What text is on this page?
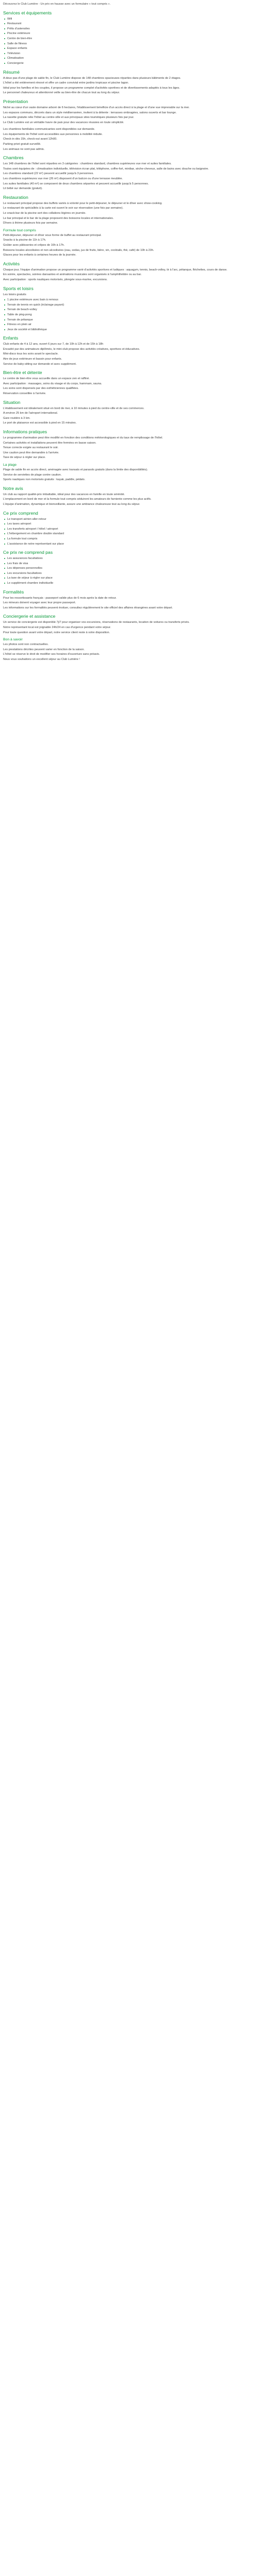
Découvrez le Club Lumière - Un prix en hausse avec un formulaire « tout compris ».

Services et équipements
Wifi
Restaurant
Prêts d'ustensiles
Piscine extérieure
Centre de bien-être
Salle de fitness
Espace enfants
Télévision
Climatisation
Conciergerie
Résumé

A deux pas d'une plage de sable fin, le Club Lumière dispose de 148 chambres spacieuses réparties dans plusieurs bâtiments de 2 étages.

L'hôtel a été entièrement rénové et offre un cadre convivial entre jardins tropicaux et piscine lagon.

Idéal pour les familles et les couples, il propose un programme complet d'activités sportives et de divertissements adaptés à tous les âges.

Le personnel chaleureux et attentionné veille au bien-être de chacun tout au long du séjour.

Présentation

Niché au cœur d'un vaste domaine arboré de 6 hectares, l'établissement bénéficie d'un accès direct à la plage et d'une vue imprenable sur la mer.

Les espaces communs, décorés dans un style méditerranéen, invitent à la détente : terrasses ombragées, salons ouverts et bar lounge.

La navette gratuite relie l'hôtel au centre-ville et aux principaux sites touristiques plusieurs fois par jour.

Le Club Lumière est un véritable havre de paix pour des vacances réussies en toute simplicité.

Les chambres familiales communicantes sont disponibles sur demande.

Les équipements de l'hôtel sont accessibles aux personnes à mobilité réduite.

Check-in dès 15h, check-out avant 12h00.

Parking privé gratuit surveillé.

Les animaux ne sont pas admis.

Chambres

Les 148 chambres de l'hôtel sont réparties en 3 catégories : chambres standard, chambres supérieures vue mer et suites familiales.

Toutes sont équipées de : climatisation individuelle, télévision écran plat, téléphone, coffre-fort, minibar, sèche-cheveux, salle de bains avec douche ou baignoire.

Les chambres standard (22 m²) peuvent accueillir jusqu'à 3 personnes.

Les chambres supérieures vue mer (26 m²) disposent d'un balcon ou d'une terrasse meublée.

Les suites familiales (40 m²) se composent de deux chambres séparées et peuvent accueillir jusqu'à 5 personnes.

Lit bébé sur demande (gratuit).

Restauration

Le restaurant principal propose des buffets variés à volonté pour le petit-déjeuner, le déjeuner et le dîner avec show-cooking.

Le restaurant de spécialités à la carte est ouvert le soir sur réservation (une fois par semaine).

Le snack-bar de la piscine sert des collations légères en journée.

Le bar principal et le bar de la plage proposent des boissons locales et internationales.

Dîners à thème plusieurs fois par semaine.

Formule tout compris

Petit-déjeuner, déjeuner et dîner sous forme de buffet au restaurant principal.

Snacks à la piscine de 11h à 17h.

Goûter avec pâtisseries et crêpes de 16h à 17h.

Boissons locales alcoolisées et non alcoolisées (eau, sodas, jus de fruits, bière, vin, cocktails, thé, café) de 10h à 23h.

Glaces pour les enfants à certaines heures de la journée.

Activités

Chaque jour, l'équipe d'animation propose un programme varié d'activités sportives et ludiques : aquagym, tennis, beach-volley, tir à l'arc, pétanque, fléchettes, cours de danse.

En soirée, spectacles, soirées dansantes et animations musicales sont organisés à l'amphithéâtre ou au bar.

Avec participation : sports nautiques motorisés, plongée sous-marine, excursions.

Sports et loisirs

Les loisirs gratuits

1 piscine extérieure avec bain à remous
Terrain de tennis en quick (éclairage payant)
Terrain de beach-volley
Table de ping-pong
Terrain de pétanque
Fitness en plein air
Jeux de société et bibliothèque
Enfants

Club enfants de 4 à 12 ans, ouvert 6 jours sur 7, de 10h à 12h et de 15h à 18h

Encadré par des animateurs diplômés, le mini-club propose des activités créatives, sportives et éducatives.

Mini-disco tous les soirs avant le spectacle.

Aire de jeux extérieure et bassin pour enfants.

Service de baby-sitting sur demande et avec supplément.

Bien-être et détente

Le centre de bien-être vous accueille dans un espace zen et raffiné.

Avec participation : massages, soins du visage et du corps, hammam, sauna.

Les soins sont dispensés par des esthéticiennes qualifiées.

Réservation conseillée à l'arrivée.

Situation

L'établissement est idéalement situé en bord de mer, à 10 minutes à pied du centre-ville et de ses commerces.

A environ 25 km de l'aéroport international.

Gare routière à 3 km.

Le port de plaisance est accessible à pied en 15 minutes.

Informations pratiques

Le programme d'animation peut être modifié en fonction des conditions météorologiques et du taux de remplissage de l'hôtel.

Certaines activités et installations peuvent être fermées en basse saison.

Tenue correcte exigée au restaurant le soir.

Une caution peut être demandée à l'arrivée.

Taxe de séjour à régler sur place.

La plage

Plage de sable fin en accès direct, aménagée avec transats et parasols gratuits (dans la limite des disponibilités).

Service de serviettes de plage contre caution.

Sports nautiques non motorisés gratuits : kayak, paddle, pédalo.

Notre avis

Un club au rapport qualité-prix imbattable, idéal pour des vacances en famille en toute sérénité.

L'emplacement en bord de mer et la formule tout compris séduiront les amateurs de farniente comme les plus actifs.

L'équipe d'animation, dynamique et bienveillante, assure une ambiance chaleureuse tout au long du séjour.

Ce prix comprend
Le transport aérien aller-retour
Les taxes aéroport
Les transferts aéroport / hôtel / aéroport
L'hébergement en chambre double standard
La formule tout compris
L'assistance de notre représentant sur place
Ce prix ne comprend pas
Les assurances facultatives
Les frais de visa
Les dépenses personnelles
Les excursions facultatives
La taxe de séjour à régler sur place
Le supplément chambre individuelle
Formalités

Pour les ressortissants français : passeport valide plus de 6 mois après la date de retour.

Les mineurs doivent voyager avec leur propre passeport.

Les informations sur les formalités peuvent évoluer, consultez régulièrement le site officiel des affaires étrangères avant votre départ.

Conciergerie et assistance

Un service de conciergerie est disponible 7j/7 pour organiser vos excursions, réservations de restaurants, location de voitures ou transferts privés.

Notre représentant local est joignable 24h/24 en cas d'urgence pendant votre séjour.

Pour toute question avant votre départ, notre service client reste à votre disposition.

Bon à savoir

Les photos sont non contractuelles.

Les prestations décrites peuvent varier en fonction de la saison.

L'hôtel se réserve le droit de modifier ses horaires d'ouverture sans préavis.

Nous vous souhaitons un excellent séjour au Club Lumière !
